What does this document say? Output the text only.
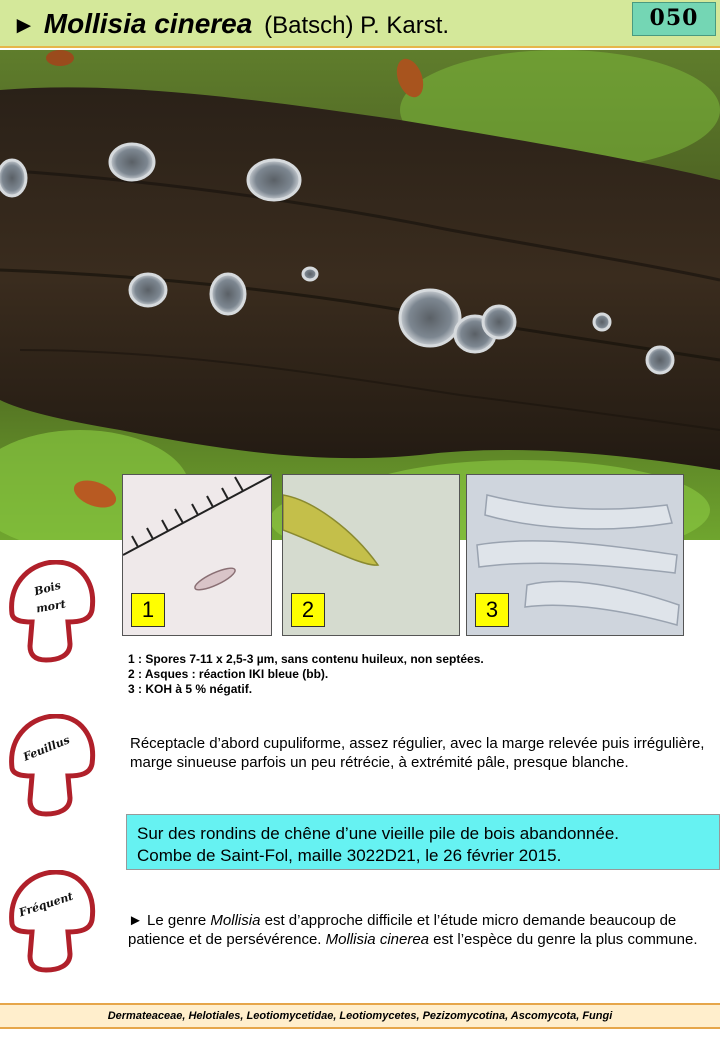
► Mollisia cinerea (Batsch) P. Karst.	050
1	2	3
1 : Spores 7-11 x 2,5-3 µm, sans contenu huileux, non septées.
2 : Asques : réaction IKI bleue (bb).
3 : KOH à 5 % négatif.
Bois
mort
Feuillus
Fréquent
Réceptacle d’abord cupuliforme, assez régulier, avec la marge relevée puis irrégulière, marge sinueuse parfois un peu rétrécie, à extrémité pâle, presque blanche.
Sur des rondins de chêne d’une vieille pile de bois abandonnée.
Combe de Saint-Fol, maille 3022D21, le 26 février 2015.
► Le genre Mollisia est d’approche difficile et l’étude micro demande beaucoup de patience et de persévérence. Mollisia cinerea est l’espèce du genre la plus commune.
Dermateaceae, Helotiales, Leotiomycetidae, Leotiomycetes, Pezizomycotina, Ascomycota, Fungi
